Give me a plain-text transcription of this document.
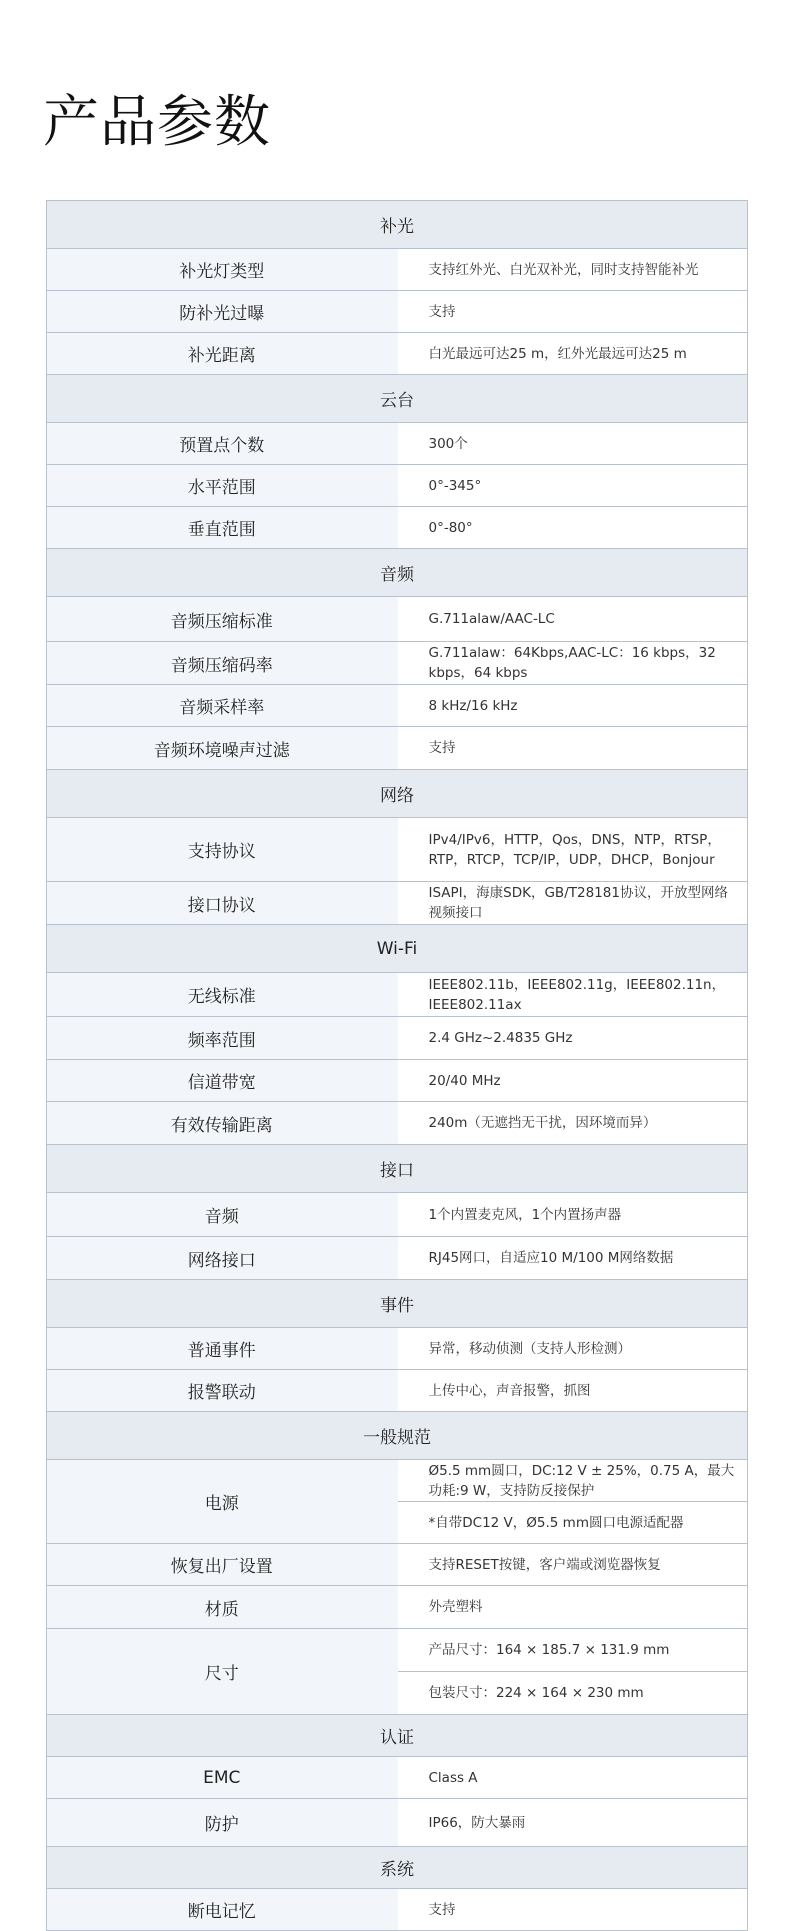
产品参数
补光	
补光灯类型	支持红外光、白光双补光，同时支持智能补光
防补光过曝	支持
补光距离	白光最远可达25 m，红外光最远可达25 m
云台	
预置点个数	300个
水平范围	0°-345°
垂直范围	0°-80°
音频	
音频压缩标准	G.711alaw/AAC-LC
音频压缩码率	G.711alaw：64Kbps,AAC-LC：16 kbps，32 kbps，64 kbps
音频采样率	8 kHz/16 kHz
音频环境噪声过滤	支持
网络	
支持协议	IPv4/IPv6，HTTP，Qos，DNS，NTP，RTSP，RTP，RTCP，TCP/IP，UDP，DHCP，Bonjour
接口协议	ISAPI，海康SDK，GB/T28181协议，开放型网络视频接口
Wi-Fi	
无线标准	IEEE802.11b，IEEE802.11g，IEEE802.11n，IEEE802.11ax
频率范围	2.4 GHz~2.4835 GHz
信道带宽	20/40 MHz
有效传输距离	240m（无遮挡无干扰，因环境而异）
接口	
音频	1个内置麦克风，1个内置扬声器
网络接口	RJ45网口，自适应10 M/100 M网络数据
事件	
普通事件	异常，移动侦测（支持人形检测）
报警联动	上传中心，声音报警，抓图
一般规范	
电源	Ø5.5 mm圆口，DC:12 V ± 25%，0.75 A，最大功耗:9 W，支持防反接保护
	*自带DC12 V，Ø5.5 mm圆口电源适配器
恢复出厂设置	支持RESET按键，客户端或浏览器恢复
材质	外壳塑料
尺寸	产品尺寸：164 × 185.7 × 131.9 mm
	包装尺寸：224 × 164 × 230 mm
认证	
EMC	Class A
防护	IP66，防大暴雨
系统	
断电记忆	支持
